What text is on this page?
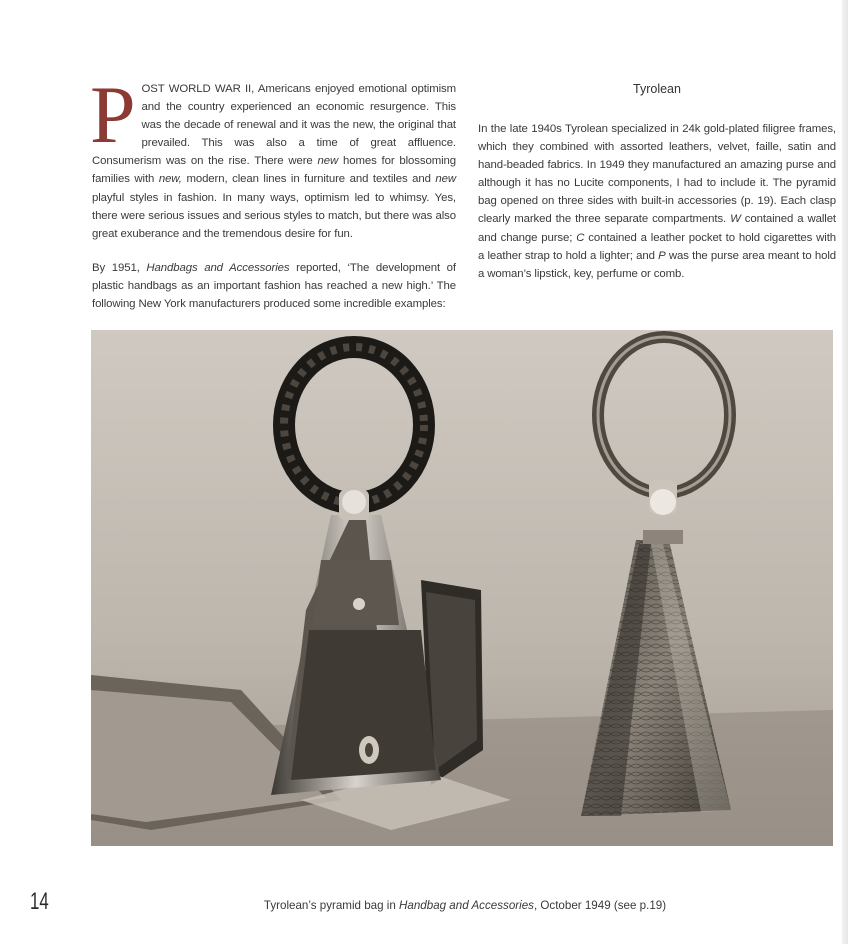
POST WORLD WAR II, Americans enjoyed emotional optimism and the country experienced an economic resurgence. This was the decade of renewal and it was the new, the original that prevailed. This was also a time of great affluence. Consumerism was on the rise. There were new homes for blossoming families with new, modern, clean lines in furniture and textiles and new playful styles in fashion. In many ways, optimism led to whimsy. Yes, there were serious issues and serious styles to match, but there was also great exuberance and the tremendous desire for fun.

By 1951, Handbags and Accessories reported, ‘The development of plastic handbags as an important fashion has reached a new high.’ The following New York manufacturers produced some incredible examples:

Tyrolean

In the late 1940s Tyrolean specialized in 24k gold-plated filigree frames, which they combined with assorted leathers, velvet, faille, satin and hand-beaded fabrics. In 1949 they manufactured an amazing purse and although it has no Lucite components, I had to include it. The pyramid bag opened on three sides with built-in accessories (p. 19). Each clasp clearly marked the three separate compartments. W contained a wallet and change purse; C contained a leather pocket to hold cigarettes with a leather strap to hold a lighter; and P was the purse area meant to hold a woman’s lipstick, key, perfume or comb.

14	Tyrolean’s pyramid bag in Handbag and Accessories, October 1949 (see p.19)
